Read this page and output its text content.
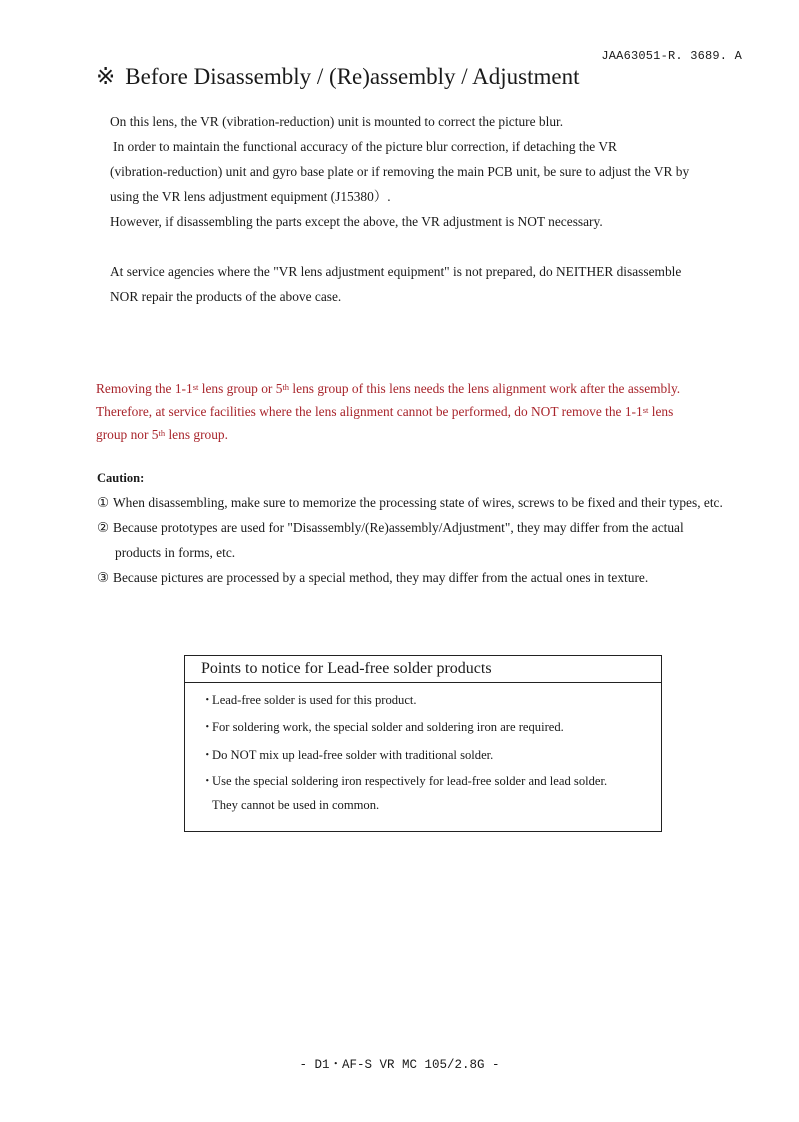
JAA63051-R. 3689. A
※ Before Disassembly / (Re)assembly / Adjustment

On this lens, the VR (vibration-reduction) unit is mounted to correct the picture blur.

In order to maintain the functional accuracy of the picture blur correction, if detaching the VR

(vibration-reduction) unit and gyro base plate or if removing the main PCB unit, be sure to adjust the VR by

using the VR lens adjustment equipment (J15380）.

However, if disassembling the parts except the above, the VR adjustment is NOT necessary.

At service agencies where the "VR lens adjustment equipment" is not prepared, do NEITHER disassemble

NOR repair the products of the above case.

Removing the 1-1st lens group or 5th lens group of this lens needs the lens alignment work after the assembly.

Therefore, at service facilities where the lens alignment cannot be performed, do NOT remove the 1-1st lens

group nor 5th lens group.

Caution:

① When disassembling, make sure to memorize the processing state of wires, screws to be fixed and their types, etc.

② Because prototypes are used for "Disassembly/(Re)assembly/Adjustment", they may differ from the actual

products in forms, etc.

③ Because pictures are processed by a special method, they may differ from the actual ones in texture.

Points to notice for Lead-free solder products

・Lead-free solder is used for this product.

・For soldering work, the special solder and soldering iron are required.

・Do NOT mix up lead-free solder with traditional solder.

・Use the special soldering iron respectively for lead-free solder and lead solder.

They cannot be used in common.

- D1・AF-S VR MC 105/2.8G -
